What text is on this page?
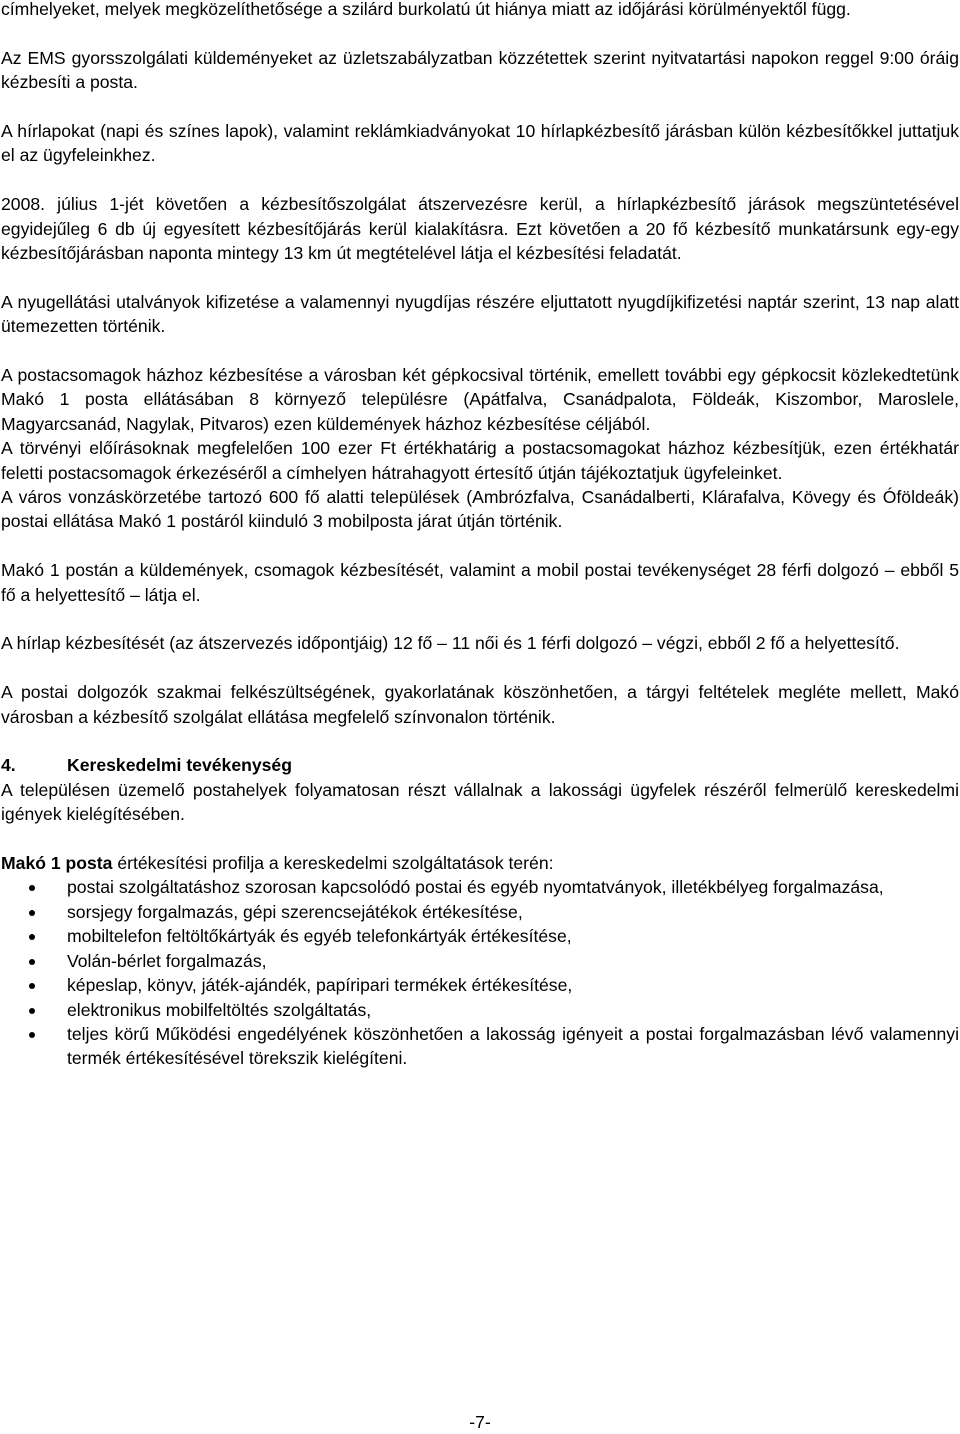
címhelyeket, melyek megközelíthetősége a szilárd burkolatú út hiánya miatt az időjárási körülményektől függ.

Az EMS gyorsszolgálati küldeményeket az üzletszabályzatban közzétettek szerint nyitvatartási napokon reggel 9:00 óráig kézbesíti a posta.

A hírlapokat (napi és színes lapok), valamint reklámkiadványokat 10 hírlapkézbesítő járásban külön kézbesítőkkel juttatjuk el az ügyfeleinkhez.

2008. július 1-jét követően a kézbesítőszolgálat átszervezésre kerül, a hírlapkézbesítő járások megszüntetésével egyidejűleg 6 db új egyesített kézbesítőjárás kerül kialakításra. Ezt követően a 20 fő kézbesítő munkatársunk egy-egy kézbesítőjárásban naponta mintegy 13 km út megtételével látja el kézbesítési feladatát.

A nyugellátási utalványok kifizetése a valamennyi nyugdíjas részére eljuttatott nyugdíjkifizetési naptár szerint, 13 nap alatt ütemezetten történik.

A postacsomagok házhoz kézbesítése a városban két gépkocsival történik, emellett további egy gépkocsit közlekedtetünk Makó 1 posta ellátásában 8 környező településre (Apátfalva, Csanádpalota, Földeák, Kiszombor, Maroslele, Magyarcsanád, Nagylak, Pitvaros) ezen küldemények házhoz kézbesítése céljából.

A törvényi előírásoknak megfelelően 100 ezer Ft értékhatárig a postacsomagokat házhoz kézbesítjük, ezen értékhatár feletti postacsomagok érkezéséről a címhelyen hátrahagyott értesítő útján tájékoztatjuk ügyfeleinket.

A város vonzáskörzetébe tartozó 600 fő alatti települések (Ambrózfalva, Csanádalberti, Klárafalva, Kövegy és Óföldeák) postai ellátása Makó 1 postáról kiinduló 3 mobilposta járat útján történik.

Makó 1 postán a küldemények, csomagok kézbesítését, valamint a mobil postai tevékenységet 28 férfi dolgozó – ebből 5 fő a helyettesítő – látja el.

A hírlap kézbesítését (az átszervezés időpontjáig) 12 fő – 11 női és 1 férfi dolgozó – végzi, ebből 2 fő a helyettesítő.

A postai dolgozók szakmai felkészültségének, gyakorlatának köszönhetően, a tárgyi feltételek megléte mellett, Makó városban a kézbesítő szolgálat ellátása megfelelő színvonalon történik.

4.	Kereskedelmi tevékenység

A településen üzemelő postahelyek folyamatosan részt vállalnak a lakossági ügyfelek részéről felmerülő kereskedelmi igények kielégítésében.

Makó 1 posta értékesítési profilja a kereskedelmi szolgáltatások terén:

postai szolgáltatáshoz szorosan kapcsolódó postai és egyéb nyomtatványok, illetékbélyeg forgalmazása,
sorsjegy forgalmazás, gépi szerencsejátékok értékesítése,
mobiltelefon feltöltőkártyák és egyéb telefonkártyák értékesítése,
Volán-bérlet forgalmazás,
képeslap, könyv, játék-ajándék, papíripari termékek értékesítése,
elektronikus mobilfeltöltés szolgáltatás,
teljes körű Működési engedélyének köszönhetően a lakosság igényeit a postai forgalmazásban lévő valamennyi termék értékesítésével törekszik kielégíteni.
-7-
